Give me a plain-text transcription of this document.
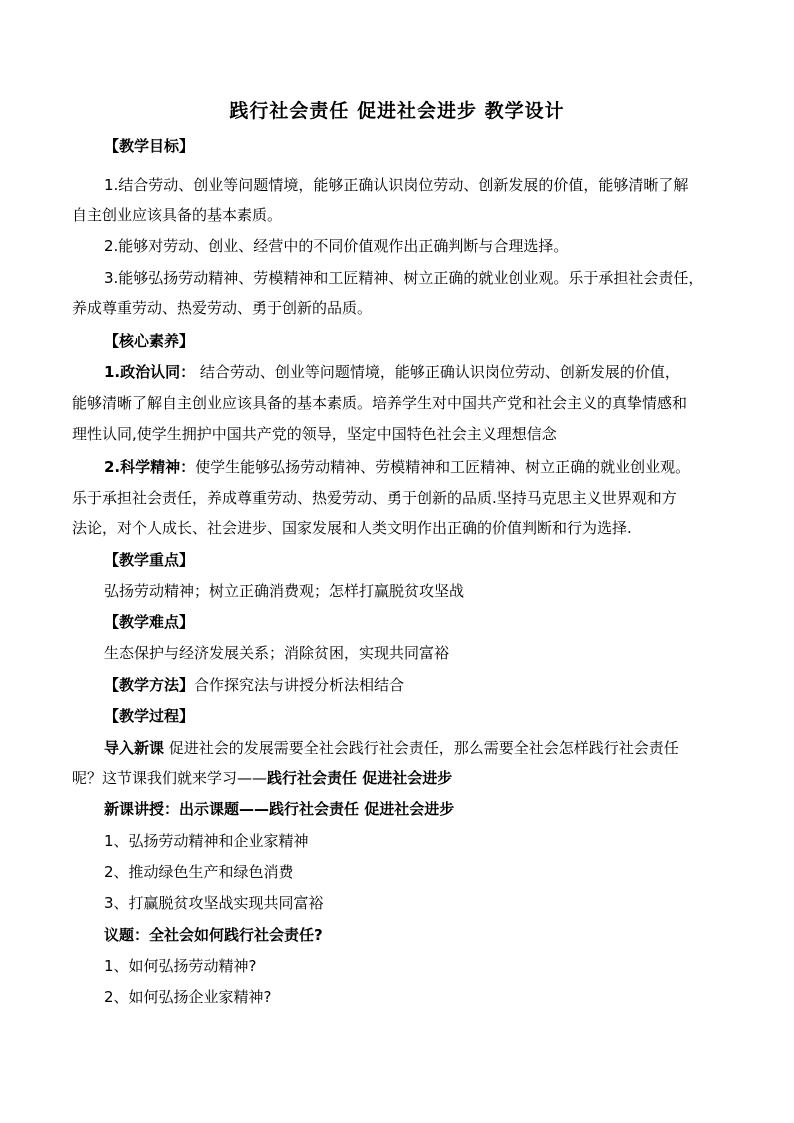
践行社会责任 促进社会进步 教学设计
【教学目标】
1.结合劳动、创业等问题情境，能够正确认识岗位劳动、创新发展的价值，能够清晰了解
自主创业应该具备的基本素质。
2.能够对劳动、创业、经营中的不同价值观作出正确判断与合理选择。
3.能够弘扬劳动精神、劳模精神和工匠精神、树立正确的就业创业观。乐于承担社会责任，
养成尊重劳动、热爱劳动、勇于创新的品质。
【核心素养】
1.政治认同： 结合劳动、创业等问题情境，能够正确认识岗位劳动、创新发展的价值，
能够清晰了解自主创业应该具备的基本素质。培养学生对中国共产党和社会主义的真挚情感和
理性认同,使学生拥护中国共产党的领导，坚定中国特色社会主义理想信念
2.科学精神：使学生能够弘扬劳动精神、劳模精神和工匠精神、树立正确的就业创业观。
乐于承担社会责任，养成尊重劳动、热爱劳动、勇于创新的品质.坚持马克思主义世界观和方
法论，对个人成长、社会进步、国家发展和人类文明作出正确的价值判断和行为选择.
【教学重点】
弘扬劳动精神；树立正确消费观；怎样打赢脱贫攻坚战
【教学难点】
生态保护与经济发展关系；消除贫困，实现共同富裕
【教学方法】合作探究法与讲授分析法相结合
【教学过程】
导入新课 促进社会的发展需要全社会践行社会责任，那么需要全社会怎样践行社会责任
呢？这节课我们就来学习——践行社会责任 促进社会进步
新课讲授：出示课题——践行社会责任 促进社会进步
1、弘扬劳动精神和企业家精神
2、推动绿色生产和绿色消费
3、打赢脱贫攻坚战实现共同富裕
议题：全社会如何践行社会责任?
1、如何弘扬劳动精神?
2、如何弘扬企业家精神?
